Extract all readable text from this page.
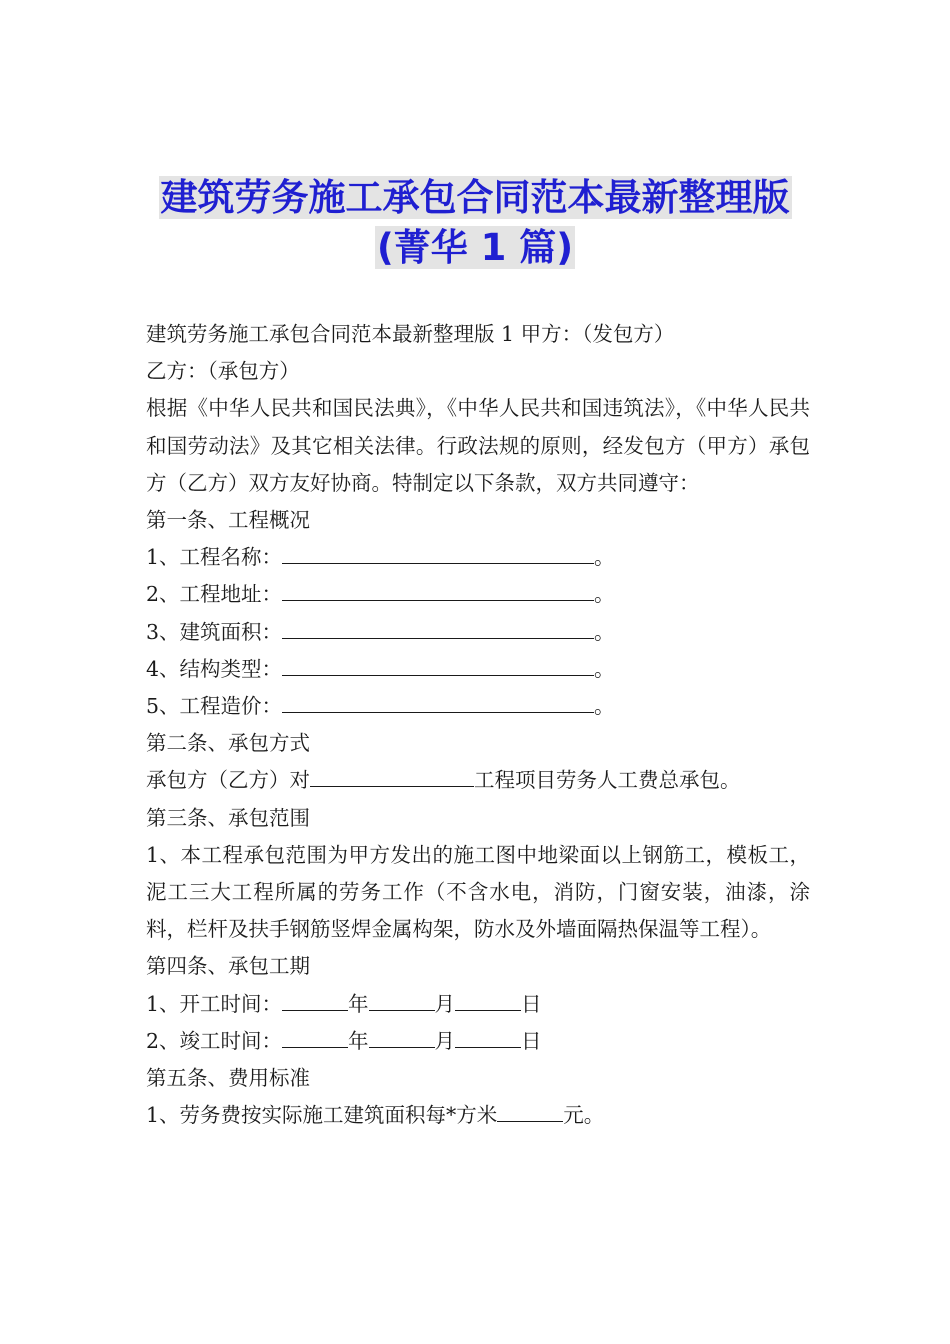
建筑劳务施工承包合同范本最新整理版
(菁华 1 篇)

建筑劳务施工承包合同范本最新整理版 1 甲方：（发包方）

乙方：（承包方）

根据《中华人民共和国民法典》，《中华人民共和国违筑法》，《中华人民共和国劳动法》及其它相关法律。行政法规的原则，经发包方（甲方）承包方（乙方）双方友好协商。特制定以下条款，双方共同遵守：

第一条、工程概况

1、工程名称：	。

2、工程地址：	。

3、建筑面积：	。

4、结构类型：	。

5、工程造价：	。

第二条、承包方式

承包方（乙方）对	工程项目劳务人工费总承包。

第三条、承包范围

1、本工程承包范围为甲方发出的施工图中地梁面以上钢筋工，模板工，泥工三大工程所属的劳务工作（不含水电，消防，门窗安装，油漆，涂料，栏杆及扶手钢筋竖焊金属构架，防水及外墙面隔热保温等工程）。

第四条、承包工期

1、开工时间：	年	月	日

2、竣工时间：	年	月	日

第五条、费用标准

1、劳务费按实际施工建筑面积每*方米	元。
